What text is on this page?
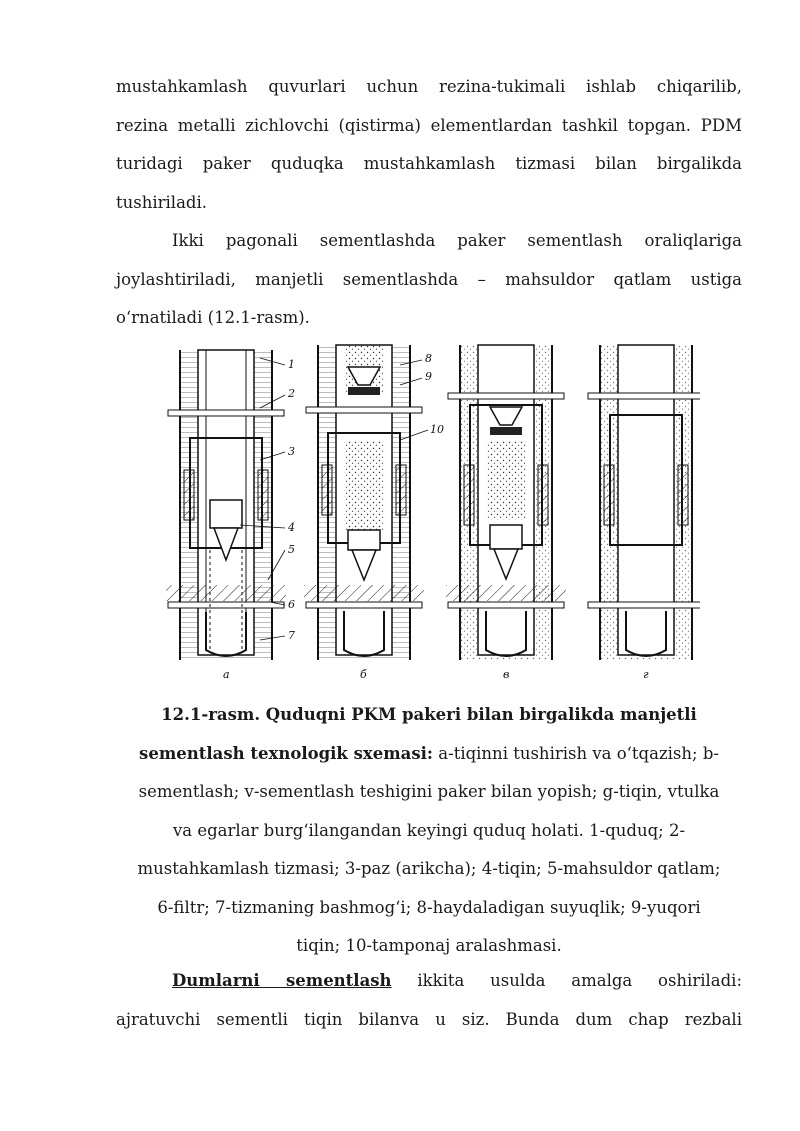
mustahkamlash quvurlari uchun rezina-tukimali ishlab chiqarilib,
rezina metalli zichlovchi (qistirma) elementlardan tashkil topgan. PDM
turidagi paker quduqka mustahkamlash tizmasi bilan birgalikda
tushiriladi.
Ikki pagonali sementlashda paker sementlash oraliqlariga
joylashtiriladi, manjetli sementlashda – mahsuldor qatlam ustiga
o‘rnatiladi (12.1-rasm).
1
2
3
4
5
6
7
8
9
10
a	б	в	г
12.1-rasm. Quduqni PKM pakeri bilan birgalikda manjetli
sementlash texnologik sxemasi: a-tiqinni tushirish va o‘tqazish; b-
sementlash; v-sementlash teshigini paker bilan yopish; g-tiqin, vtulka
va egarlar burg‘ilangandan keyingi quduq holati. 1-quduq; 2-
mustahkamlash tizmasi; 3-paz (arikcha); 4-tiqin; 5-mahsuldor qatlam;
6-filtr; 7-tizmaning bashmog‘i; 8-haydaladigan suyuqlik; 9-yuqori
tiqin; 10-tamponaj aralashmasi.
Dumlarni sementlash ikkita usulda amalga oshiriladi:
ajratuvchi sementli tiqin bilanva u siz. Bunda dum chap rezbali
